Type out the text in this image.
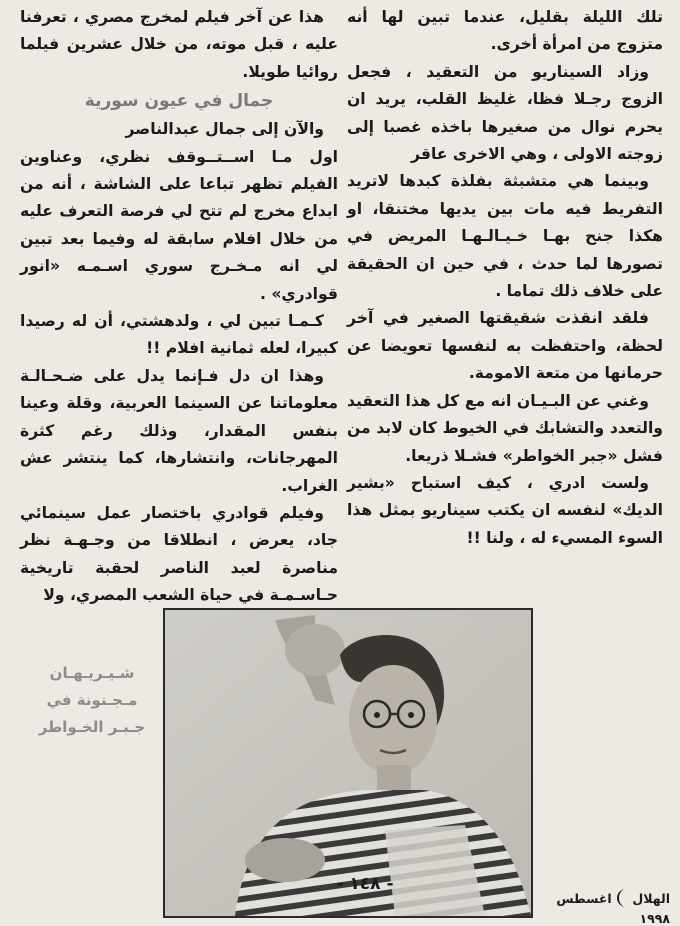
تلك الليلة بقليل، عندما تبين لها أنه متزوج من امرأة أخرى.

وزاد السيناريو من التعقيد ، فجعل الزوج رجـلا فظا، غليظ القلب، يريد ان يحرم نوال من صغيرها باخذه غصبا إلى زوجته الاولى ، وهي الاخرى عاقر

وبينما هي متشبثة بفلذة كبدها لاتريد التفريط فيه مات بين يديها مختنقا، او هكذا جنح بهـا خـيـالـهـا المريض في تصورها لما حدث ، في حين ان الحقيقة على خلاف ذلك تماما .

فلقد انقذت شقيقتها الصغير في آخر لحظة، واحتفظت به لنفسها تعويضا عن حرمانها من متعة الامومة.

وغني عن البـيـان انه مع كل هذا التعقيد والتعدد والتشابك في الخيوط كان لابد من فشل «جبر الخواطر» فشـلا ذريعا.

ولست ادري ، كيف استباح «بشير الديك» لنفسه ان يكتب سيناريو بمثل هذا السوء المسيء له ، ولنا !!

هذا عن آخر فيلم لمخرج مصري ، تعرفنا عليه ، قبل موته، من خلال عشرين فيلما روائيا طويلا.

جمال في عيون سورية

والآن إلى جمال عبدالناصر

اول مـا اســتــوقف نظري، وعناوين الفيلم تظهر تباعا على الشاشة ، أنه من ابداع مخرج لم تتح لي فرصة التعرف عليه من خلال افلام سابقة له وفيما بعد تبين لي انه مـخـرج سوري اسـمـه «انور قوادري» .

كـمـا تبين لي ، ولدهشتي، أن له رصيدا كبيرا، لعله ثمانية افلام !!

وهذا ان دل فـإنما يدل على ضـحـالـة معلوماتنا عن السينما العربية، وقلة وعينا بنفس المقدار، وذلك رغم كثرة المهرجانات، وانتشارها، كما ينتشر عش الغراب.

وفيلم قوادري باختصار عمل سينمائي جاد، يعرض ، انطلاقا من وجـهـة نظر مناصرة لعبد الناصر لحقبة تاريخية حـاسـمـة في حياة الشعب المصري، ولا

شـيـريـهـان
مـجـنونة في
جـبـر الخـواطر
- ١٤٨ -
الهلال  اغسطس ١٩٩٨
